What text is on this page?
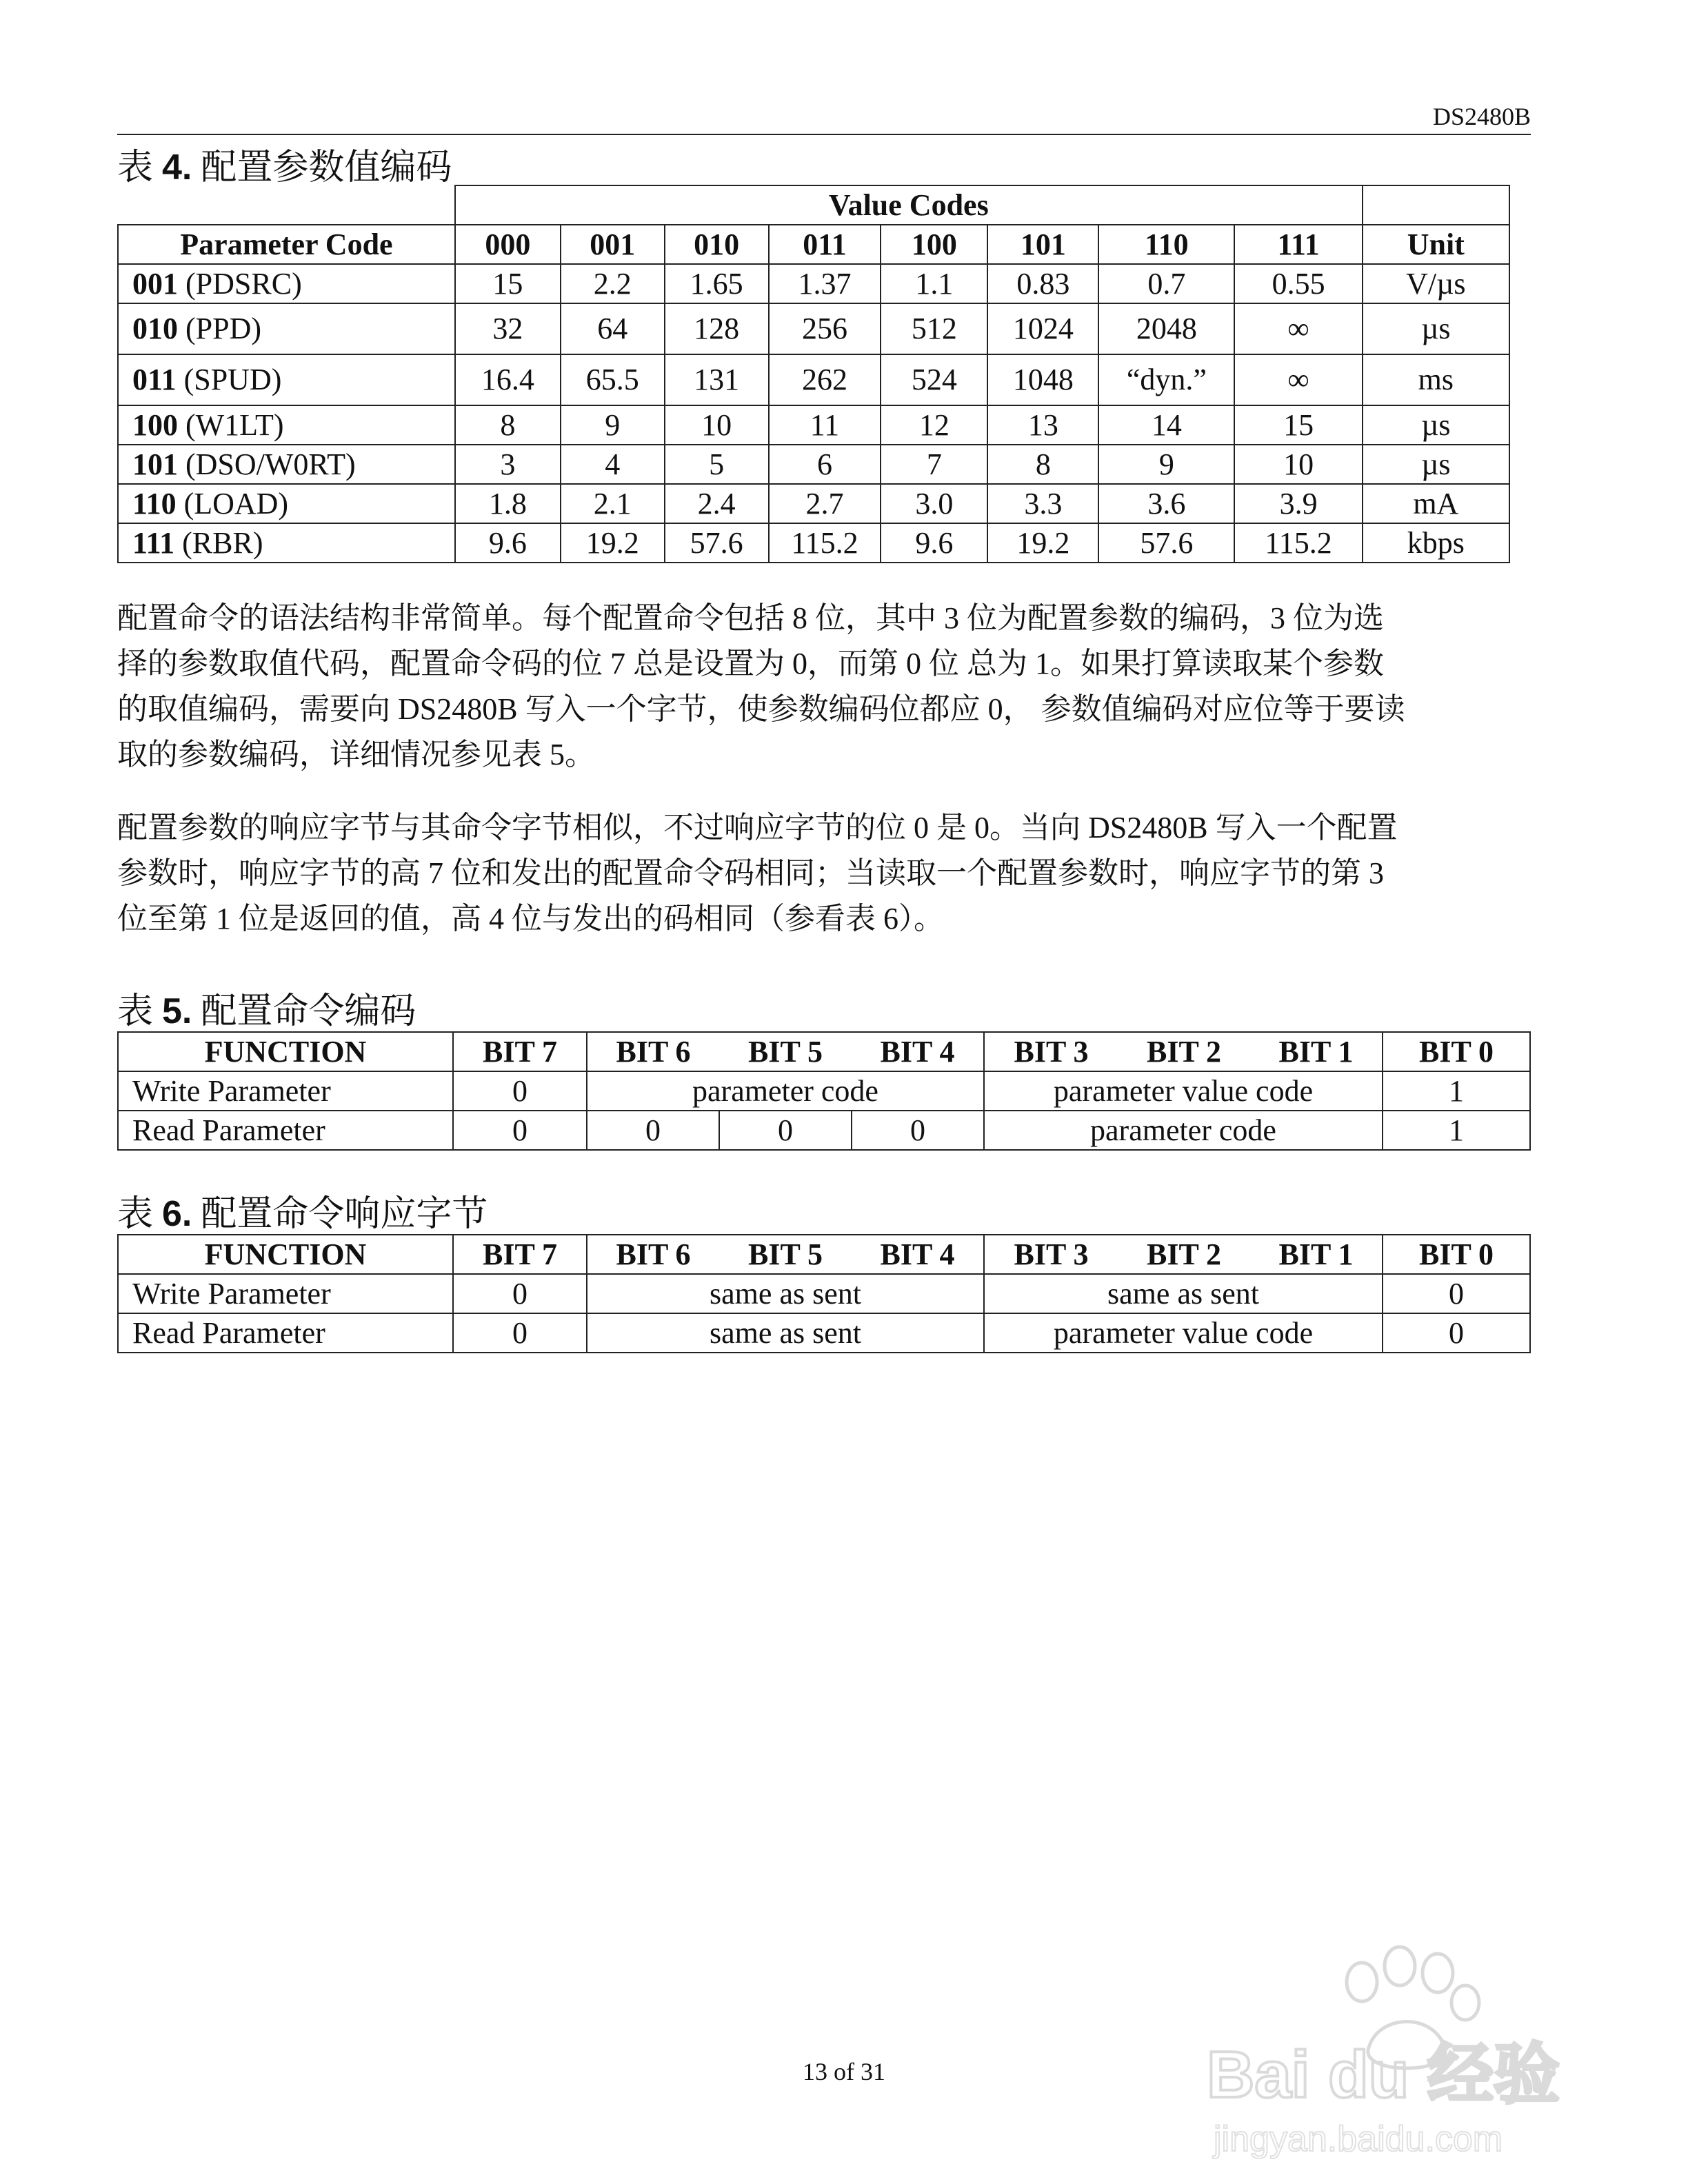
DS2480B
表 4. 配置参数值编码
	Value Codes								
Parameter Code	000	001	010	011	100	101	110	111	Unit
001 (PDSRC)	15	2.2	1.65	1.37	1.1	0.83	0.7	0.55	V/µs
010 (PPD)	32	64	128	256	512	1024	2048	∞	µs
011 (SPUD)	16.4	65.5	131	262	524	1048	“dyn.”	∞	ms
100 (W1LT)	8	9	10	11	12	13	14	15	µs
101 (DSO/W0RT)	3	4	5	6	7	8	9	10	µs
110 (LOAD)	1.8	2.1	2.4	2.7	3.0	3.3	3.6	3.9	mA
111 (RBR)	9.6	19.2	57.6	115.2	9.6	19.2	57.6	115.2	kbps
配置命令的语法结构非常简单。每个配置命令包括 8 位，其中 3 位为配置参数的编码，3 位为选
择的参数取值代码，配置命令码的位 7 总是设置为 0，而第 0 位 总为 1。如果打算读取某个参数
的取值编码，需要向 DS2480B 写入一个字节，使参数编码位都应 0， 参数值编码对应位等于要读
取的参数编码，详细情况参见表 5。
配置参数的响应字节与其命令字节相似，不过响应字节的位 0 是 0。当向 DS2480B 写入一个配置
参数时，响应字节的高 7 位和发出的配置命令码相同；当读取一个配置参数时，响应字节的第 3
位至第 1 位是返回的值，高 4 位与发出的码相同（参看表 6）。
表 5. 配置命令编码
FUNCTION	BIT 7	BIT 6	BIT 5	BIT 4	BIT 3	BIT 2	BIT 1	BIT 0
Write Parameter	0	parameter code			parameter value code			1
Read Parameter	0	0	0	0	parameter code			1
表 6. 配置命令响应字节
FUNCTION	BIT 7	BIT 6	BIT 5	BIT 4	BIT 3	BIT 2	BIT 1	BIT 0
Write Parameter	0	same as sent			same as sent			0
Read Parameter	0	same as sent			parameter value code			0
Bai du 经验
jingyan.baidu.com
13 of 31
